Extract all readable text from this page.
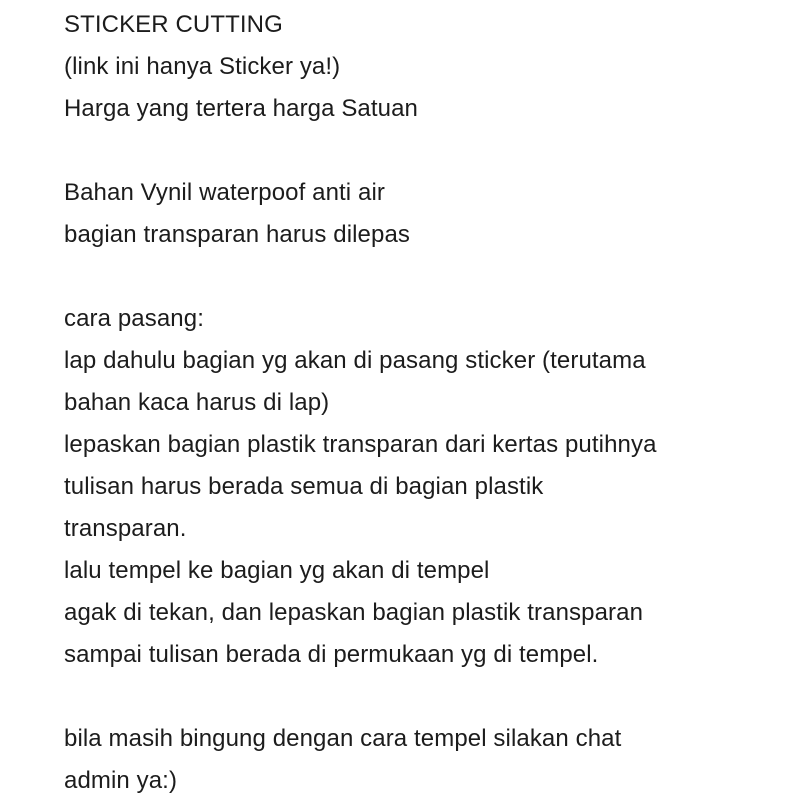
STICKER CUTTING
(link ini hanya Sticker ya!)
Harga yang tertera harga Satuan
Bahan Vynil waterpoof anti air
bagian transparan harus dilepas
cara pasang:
lap dahulu bagian yg akan di pasang sticker (terutama
bahan kaca harus di lap)
lepaskan bagian plastik transparan dari kertas putihnya
tulisan harus berada semua di bagian plastik
transparan.
lalu tempel ke bagian yg akan di tempel
agak di tekan, dan lepaskan bagian plastik transparan
sampai tulisan berada di permukaan yg di tempel.
bila masih bingung dengan cara tempel silakan chat
admin ya:)
